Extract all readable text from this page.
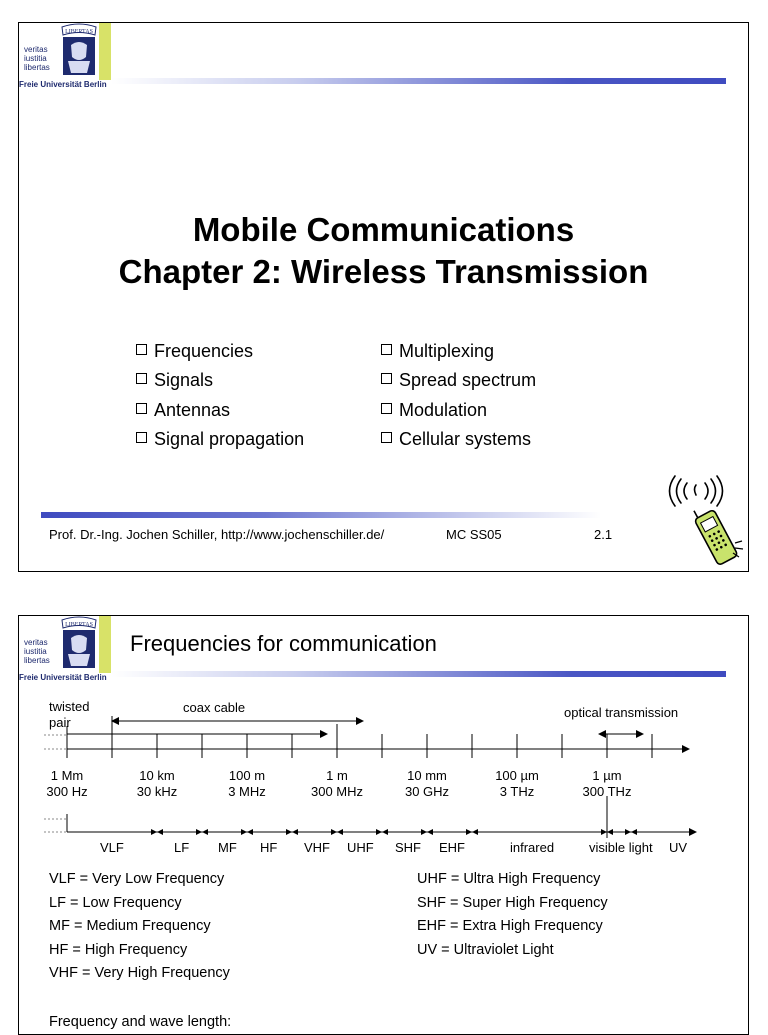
veritas
iustitia
libertas
LIBERTAS
Freie Universität Berlin
Mobile Communications
Chapter 2: Wireless Transmission
Frequencies
Signals
Antennas
Signal propagation
Multiplexing
Spread spectrum
Modulation
Cellular systems
Prof. Dr.-Ing. Jochen Schiller, http://www.jochenschiller.de/	MC SS05	2.1
veritas
iustitia
libertas
LIBERTAS
Freie Universität Berlin
Frequencies for communication
twisted
pair
coax cable	optical transmission
1 Mm
300 Hz
10 km
30 kHz
100 m
3 MHz
1 m
300 MHz
10 mm
30 GHz
100 µm
3 THz
1 µm
300 THz
VLF	LF MF HF VHF UHF SHF EHF	infrared	visible light UV
VLF = Very Low Frequency
LF = Low Frequency
MF = Medium Frequency
HF = High Frequency
VHF = Very High Frequency
UHF = Ultra High Frequency
SHF = Super High Frequency
EHF = Extra High Frequency
UV = Ultraviolet Light
Frequency and wave length:
